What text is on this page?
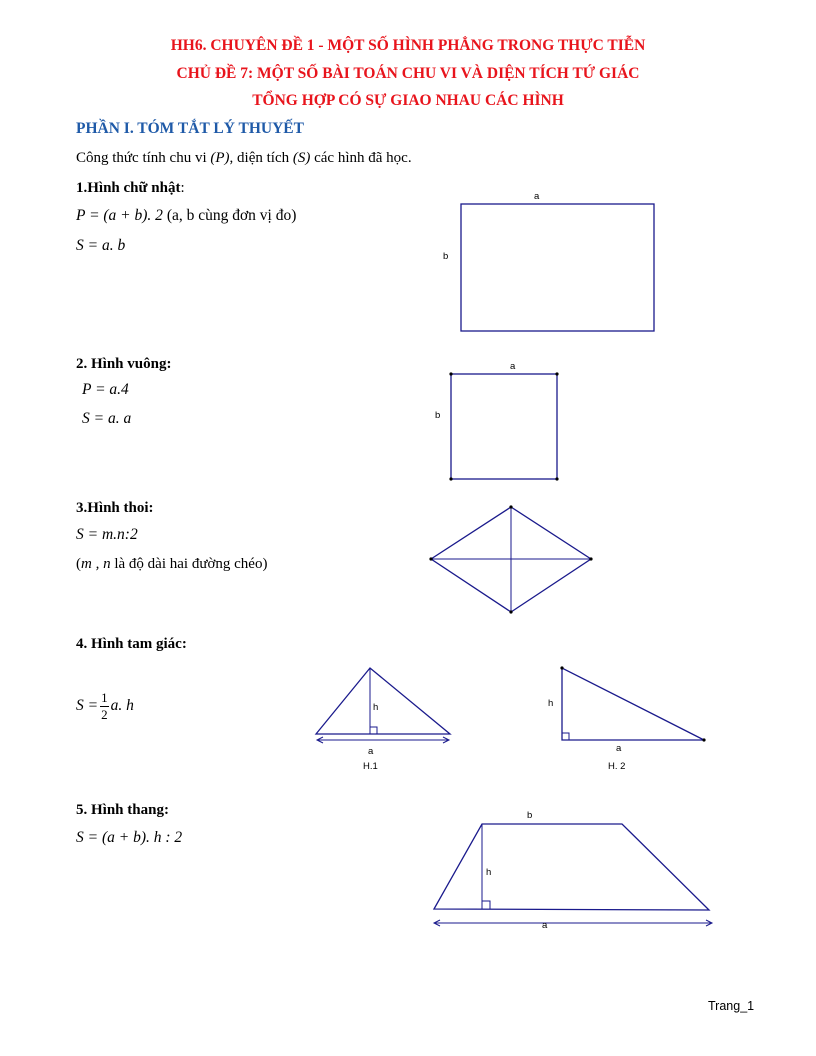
HH6. CHUYÊN ĐỀ 1 - MỘT SỐ HÌNH PHẲNG TRONG THỰC TIỄN
CHỦ ĐỀ 7: MỘT SỐ BÀI TOÁN CHU VI VÀ DIỆN TÍCH TỨ GIÁC
TỔNG HỢP CÓ SỰ GIAO NHAU CÁC HÌNH
PHẦN I. TÓM TẮT LÝ THUYẾT
Công thức tính chu vi (P), diện tích (S) các hình đã học.
1.Hình chữ nhật:
P = (a + b). 2 (a, b cùng đơn vị đo)
S = a. b
a
b
2. Hình vuông:
P = a.4
S = a. a
a
b
3.Hình thoi:
S = m.n:2
(m , n là độ dài hai đường chéo)
4. Hình tam giác:
$S = \frac{1}{2} a$. h	h
a
H.1
h
a
H. 2
5. Hình thang:
S = (a + b). h : 2
b
h
a
Trang_1
